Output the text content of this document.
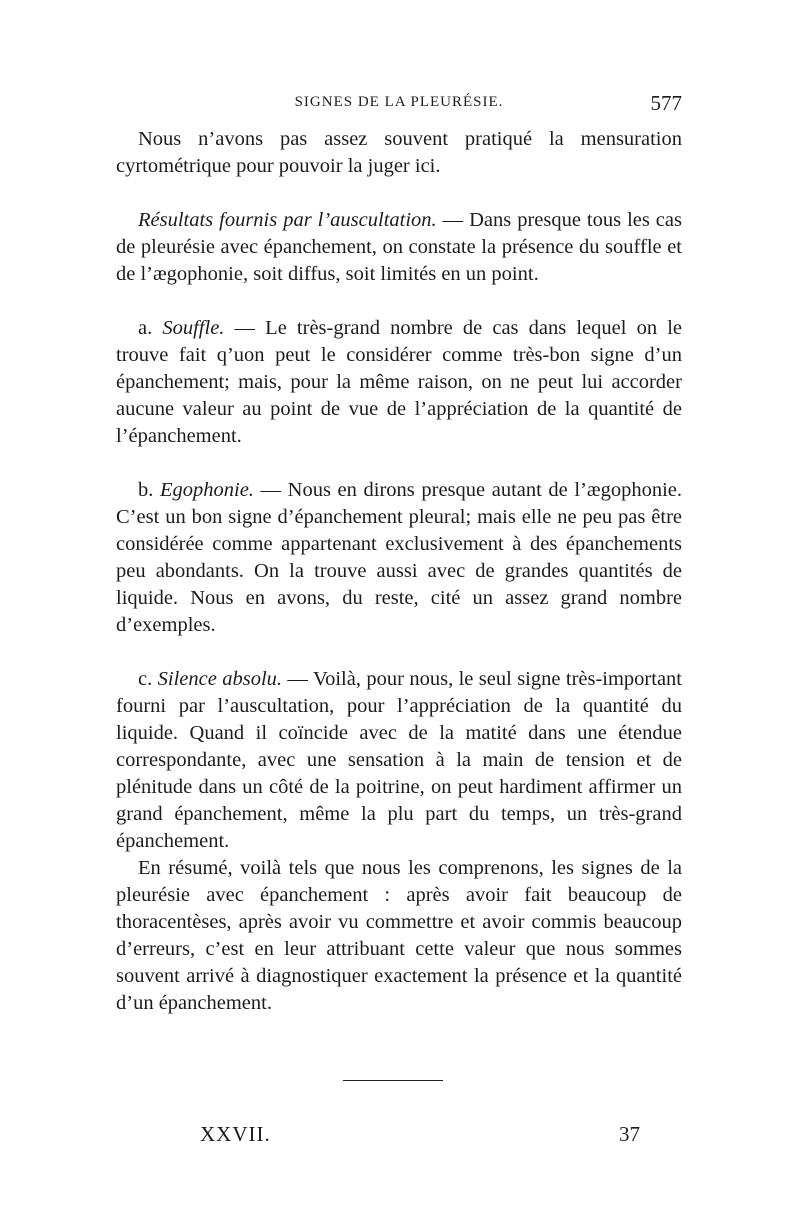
SIGNES DE LA PLEURÉSIE.	577

Nous n’avons pas assez souvent pratiqué la mensuration cyrtométrique pour pouvoir la juger ici.

Résultats fournis par l’auscultation. — Dans presque tous les cas de pleurésie avec épanchement, on constate la présence du souffle et de l’ægophonie, soit diffus, soit limités en un point.

a. Souffle. — Le très-grand nombre de cas dans lequel on le trouve fait q’uon peut le considérer comme très-bon signe d’un épanchement; mais, pour la même raison, on ne peut lui accorder aucune valeur au point de vue de l’appréciation de la quantité de l’épanchement.

b. Egophonie. — Nous en dirons presque autant de l’ægophonie. C’est un bon signe d’épanchement pleural; mais elle ne peu pas être considérée comme appartenant exclusivement à des épanchements peu abondants. On la trouve aussi avec de grandes quantités de liquide. Nous en avons, du reste, cité un assez grand nombre d’exemples.

c. Silence absolu. — Voilà, pour nous, le seul signe très-important fourni par l’auscultation, pour l’appréciation de la quantité du liquide. Quand il coïncide avec de la matité dans une étendue correspondante, avec une sensation à la main de tension et de plénitude dans un côté de la poitrine, on peut hardiment affirmer un grand épanchement, même la plu part du temps, un très-grand épanchement.

En résumé, voilà tels que nous les comprenons, les signes de la pleurésie avec épanchement : après avoir fait beaucoup de thoracentèses, après avoir vu commettre et avoir commis beaucoup d’erreurs, c’est en leur attribuant cette valeur que nous sommes souvent arrivé à diagnostiquer exactement la présence et la quantité d’un épanchement.

XXVII.	37
